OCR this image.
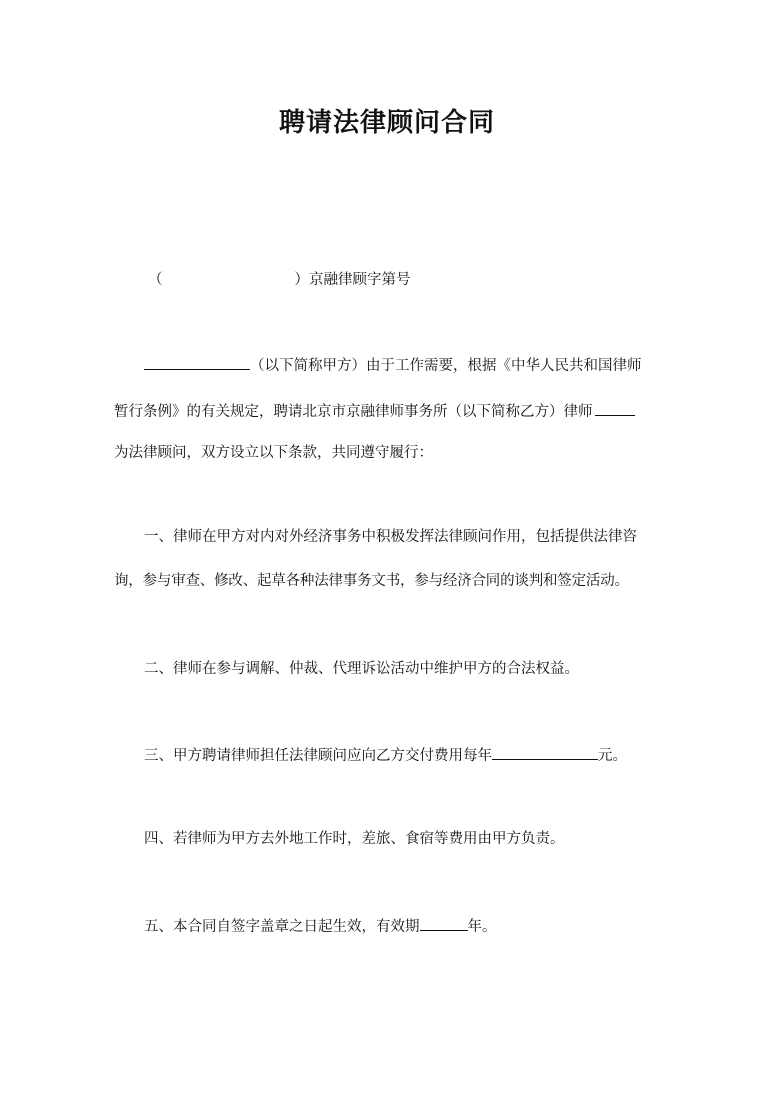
聘请法律顾问合同
（	）京融律顾字第号
（以下简称甲方）由于工作需要，根据《中华人民共和国律师
暂行条例》的有关规定，聘请北京市京融律师事务所（以下简称乙方）律师
为法律顾问，双方设立以下条款，共同遵守履行：
一、律师在甲方对内对外经济事务中积极发挥法律顾问作用，包括提供法律咨
询，参与审查、修改、起草各种法律事务文书，参与经济合同的谈判和签定活动。
二、律师在参与调解、仲裁、代理诉讼活动中维护甲方的合法权益。
三、甲方聘请律师担任法律顾问应向乙方交付费用每年	元。
四、若律师为甲方去外地工作时，差旅、食宿等费用由甲方负责。
五、本合同自签字盖章之日起生效，有效期	年。
